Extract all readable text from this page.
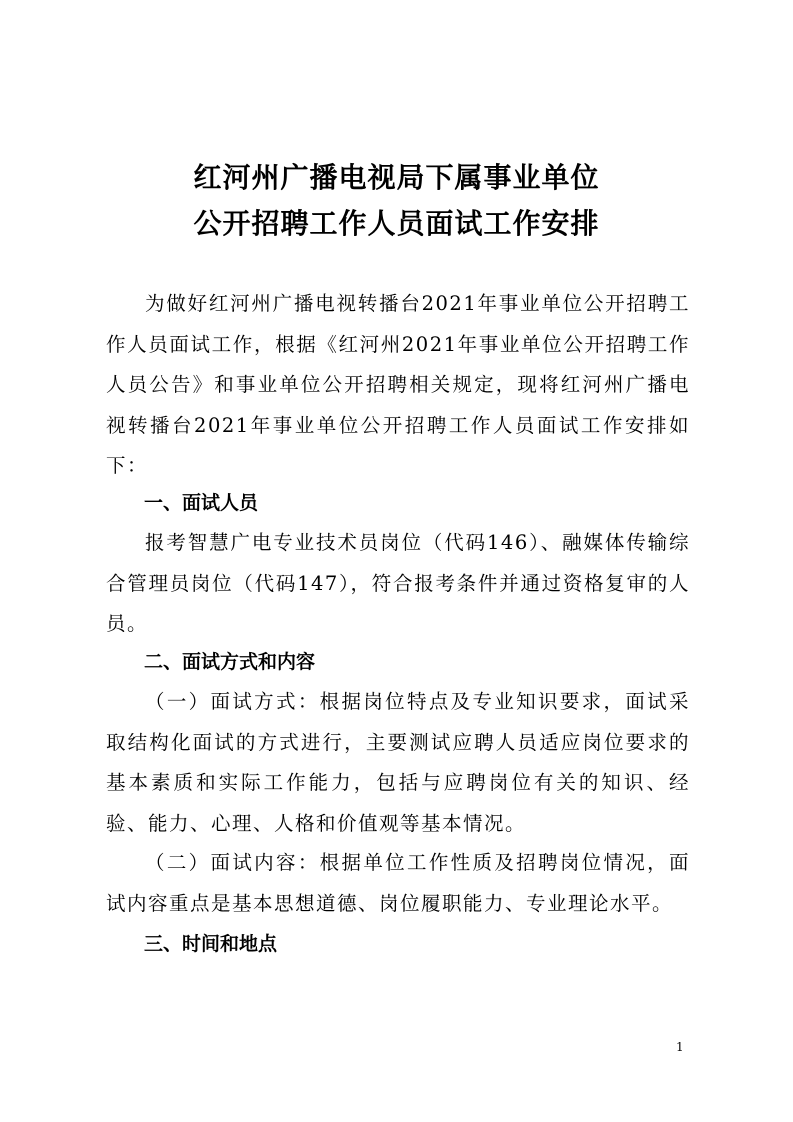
红河州广播电视局下属事业单位
公开招聘工作人员面试工作安排

为做好红河州广播电视转播台2021年事业单位公开招聘工作人员面试工作，根据《红河州2021年事业单位公开招聘工作人员公告》和事业单位公开招聘相关规定，现将红河州广播电视转播台2021年事业单位公开招聘工作人员面试工作安排如下：

一、面试人员

报考智慧广电专业技术员岗位（代码146）、融媒体传输综合管理员岗位（代码147），符合报考条件并通过资格复审的人员。

二、面试方式和内容

（一）面试方式：根据岗位特点及专业知识要求，面试采取结构化面试的方式进行，主要测试应聘人员适应岗位要求的基本素质和实际工作能力，包括与应聘岗位有关的知识、经验、能力、心理、人格和价值观等基本情况。

（二）面试内容：根据单位工作性质及招聘岗位情况，面试内容重点是基本思想道德、岗位履职能力、专业理论水平。

三、时间和地点
1
